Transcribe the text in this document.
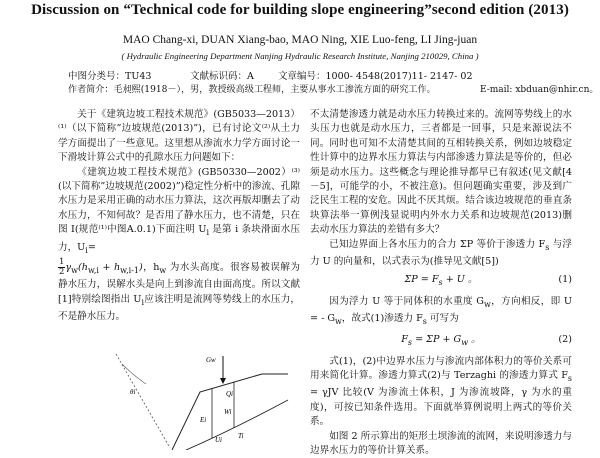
Discussion on “Technical code for building slope engineering”second edition (2013)
MAO Chang-xi, DUAN Xiang-bao, MAO Ning, XIE Luo-feng, LI Jing-juan
( Hydraulic Engineering Department Nanjing Hydraulic Research Institute, Nanjing 210029, China )
中图分类号：TU43	文献标识码：A	文章编号：1000- 4548(2017)11- 2147- 02
作者简介：毛昶熙(1918－），男，教授级高级工程师，主要从事水工渗流方面的研究工作。	E-mail: xbduan@nhir.cn。

关于《建筑边坡工程技术规范》(GB5033—2013）⁽¹⁾（以下简称”边坡规范(2013)”)，已有讨论文⁽²⁾从土力学方面提出了一些意见。这里想从渗流水力学方面讨论一下滑坡计算公式中的孔隙水压力问题如下：

《建筑边坡工程技术规范》(GB50330—2002）⁽³⁾(以下简称”边坡规范(2002)”)稳定性分析中的渗流、孔隙水压力是采用正确的动水压力算法，这次再版却删去了动水压力，不知何故？是否用了静水压力，也不清楚，只在图 I(规范⁽¹⁾中图A.0.1)下面注明 $U_i$ 是第 i 条块滑面水压力，$U_i=$

$\frac{1}{2}\gamma_w(h_{w,i} + h_{w,i-1})$，$h_w$ 为水头高度。很容易被误解为静水压力，误解水头是向上到渗流自由面高度。所以文献[1]特别绘图指出 $U_i$应该注明是流网等势线上的水压力，不是静水压力。

θi
Gw
Qi
Wi
Ui
Ei
Ti

不太清楚渗透力就是动水压力转换过来的。流网等势线上的水头压力也就是动水压力，三者都是一回事，只是来源说法不同。同时也可知不太清楚其间的互相转换关系，例如边坡稳定性计算中的边界水压力算法与内部渗透力算法是等价的，但必须是动水压力。这些概念与理论推导都早已有叙述(见文献[4－5]，可能学的小，不被注意)。但问题确实重要，涉及到广泛民生工程的安危。因此不厌其烦。结合该边坡规范的垂直条块算法举一算例浅显说明内外水力关系和边坡规范(2013)删去动水压力算法的差错有多大？

已知边界面上各水压力的合力 ΣP 等价于渗透力 $F_s$ 与浮力 U 的向量和，以式表示为(推导见文献[5])

$\Sigma P = F_s + U$ 。	(1)

因为浮力 U 等于同体积的水重度 $G_w$，方向相反，即 U = - $G_w$，故式(1)渗透力 $F_s$ 可写为

$F_s = \Sigma P + G_w$ 。	(2)

式(1)，(2)中边界水压力与渗流内部体积力的等价关系可用来简化计算。渗透力算式(2)与 Terzaghi 的渗透力算式 $F_s = \gamma JV$ 比较(V 为渗流土体积，J 为渗流坡降，γ 为水的重度)，可按已知条件选用。下面就举算例说明上两式的等价关系。

如图 2 所示算出的矩形土坝渗流的流网，来说明渗透力与边界水压力的等价计算关系。
